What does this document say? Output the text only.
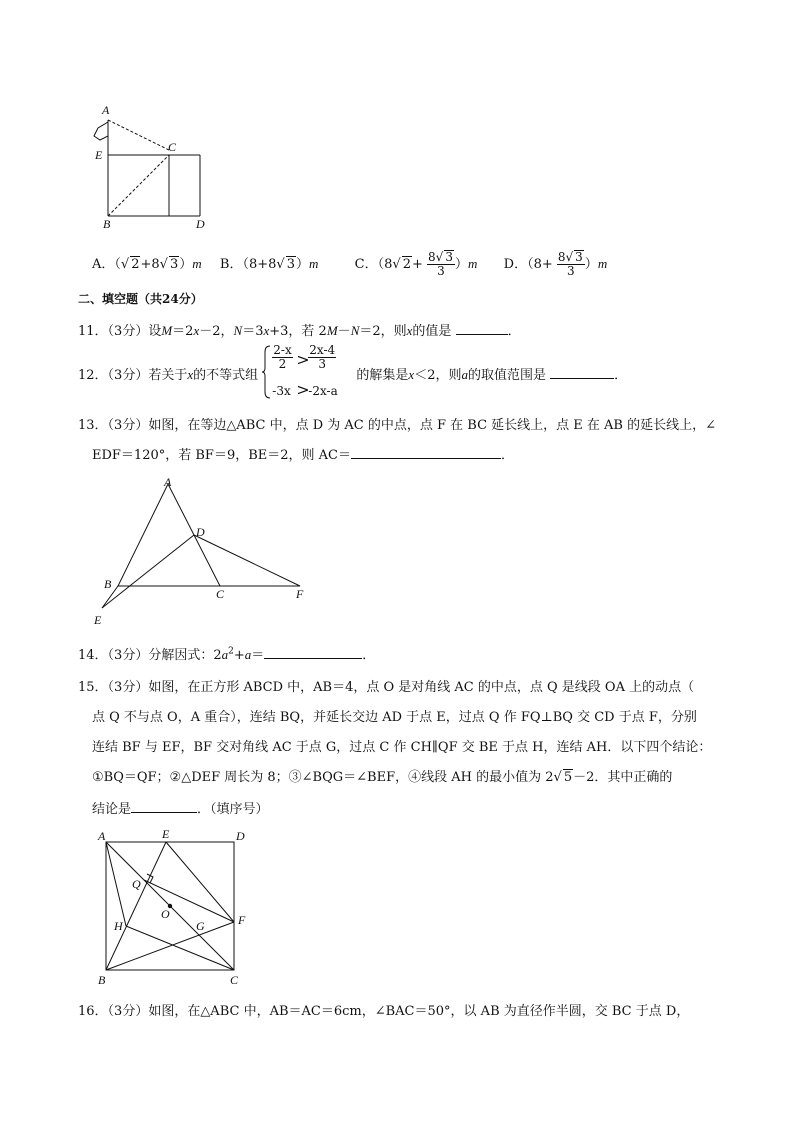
A
C
E
B	D
A．（√ 2+8√ 3）m B．（8+8√ 3）m	C．（8√ $2+ \frac{8√ 3}{3} )m$ D．$(8+ \frac{8√ 3}{3} )m$
二、填空题（共24分）
11．（3分）设M＝2x－2，N＝3x+3，若 2M－N＝2，则x的值是	．
12．（3分）若关于x的不等式组
$\frac{2-x}{2}$ >
$\frac{2x-4}{3}$
-3x >
-2x-a
的解集是x＜2，则a的取值范围是	．
13．（3分）如图，在等边△ABC 中，点 D 为 AC 的中点，点 F 在 BC 延长线上，点 E 在 AB 的延长线上，∠
EDF＝120°，若 BF＝9，BE＝2，则 AC＝	．
A
D
B
C	F
E
14．（3分）分解因式：$2a^2+a=$	．
15．（3分）如图，在正方形 ABCD 中，AB＝4，点 O 是对角线 AC 的中点，点 Q 是线段 OA 上的动点（
点 Q 不与点 O，A 重合），连结 BQ，并延长交边 AD 于点 E，过点 Q 作 FQ⊥BQ 交 CD 于点 F，分别
连结 BF 与 EF，BF 交对角线 AC 于点 G，过点 C 作 CH∥QF 交 BE 于点 H，连结 AH．以下四个结论：
①BQ＝QF；②△DEF 周长为 8；③∠BQG＝∠BEF，④线段 AH 的最小值为 2√ 5－2．其中正确的
结论是	．（填序号）
A	E	D
Q
O
H	G	F
B	C
16．（3分）如图，在△ABC 中，AB＝AC＝6cm，∠BAC＝50°，以 AB 为直径作半圆，交 BC 于点 D，
